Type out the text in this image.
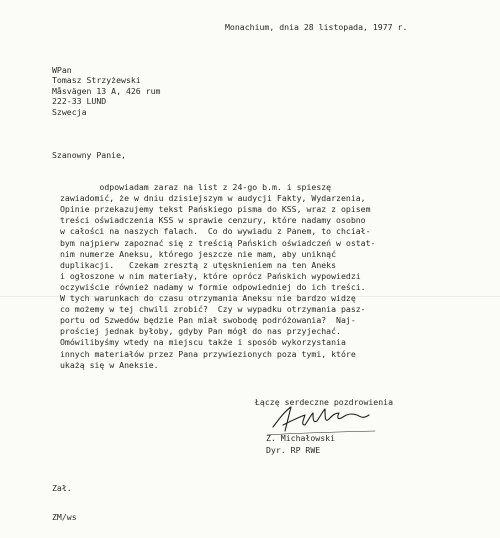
Monachium, dnia 28 listopada, 1977 r.
WPan
Tomasz Strzyżewski
Måsvägen 13 A, 426 rum
222-33 LUND
Szwecja
Szanowny Panie,
odpowiadam zaraz na list z 24-go b.m. i spieszę
zawiadomić, że w dniu dzisiejszym w audycji Fakty, Wydarzenia,
Opinie przekazujemy tekst Pańskiego pisma do KSS, wraz z opisem
treści oświadczenia KSS w sprawie cenzury, które nadamy osobno
w całości na naszych falach.  Co do wywiadu z Panem, to chciał-
bym najpierw zapoznać się z treścią Pańskich oświadczeń w ostat-
nim numerze Aneksu, którego jeszcze nie mam, aby uniknąć
duplikacji.   Czekam zresztą z utęsknieniem na ten Aneks
i ogłoszone w nim materiały, które oprócz Pańskich wypowiedzi
oczywiście również nadamy w formie odpowiedniej do ich treści.
W tych warunkach do czasu otrzymania Aneksu nie bardzo widzę
co możemy w tej chwili zrobić?  Czy w wypadku otrzymania pasz-
portu od Szwedów będzie Pan miał swobodę podróżowania?  Naj-
prościej jednak byłoby, gdyby Pan mógł do nas przyjechać.
Omówilibyśmy wtedy na miejscu także i sposób wykorzystania
innych materiałów przez Pana przywiezionych poza tymi, które
ukażą się w Aneksie.
Łączę serdeczne pozdrowienia
Z. Michałowski
Dyr. RP RWE
Zał.
ZM/ws
